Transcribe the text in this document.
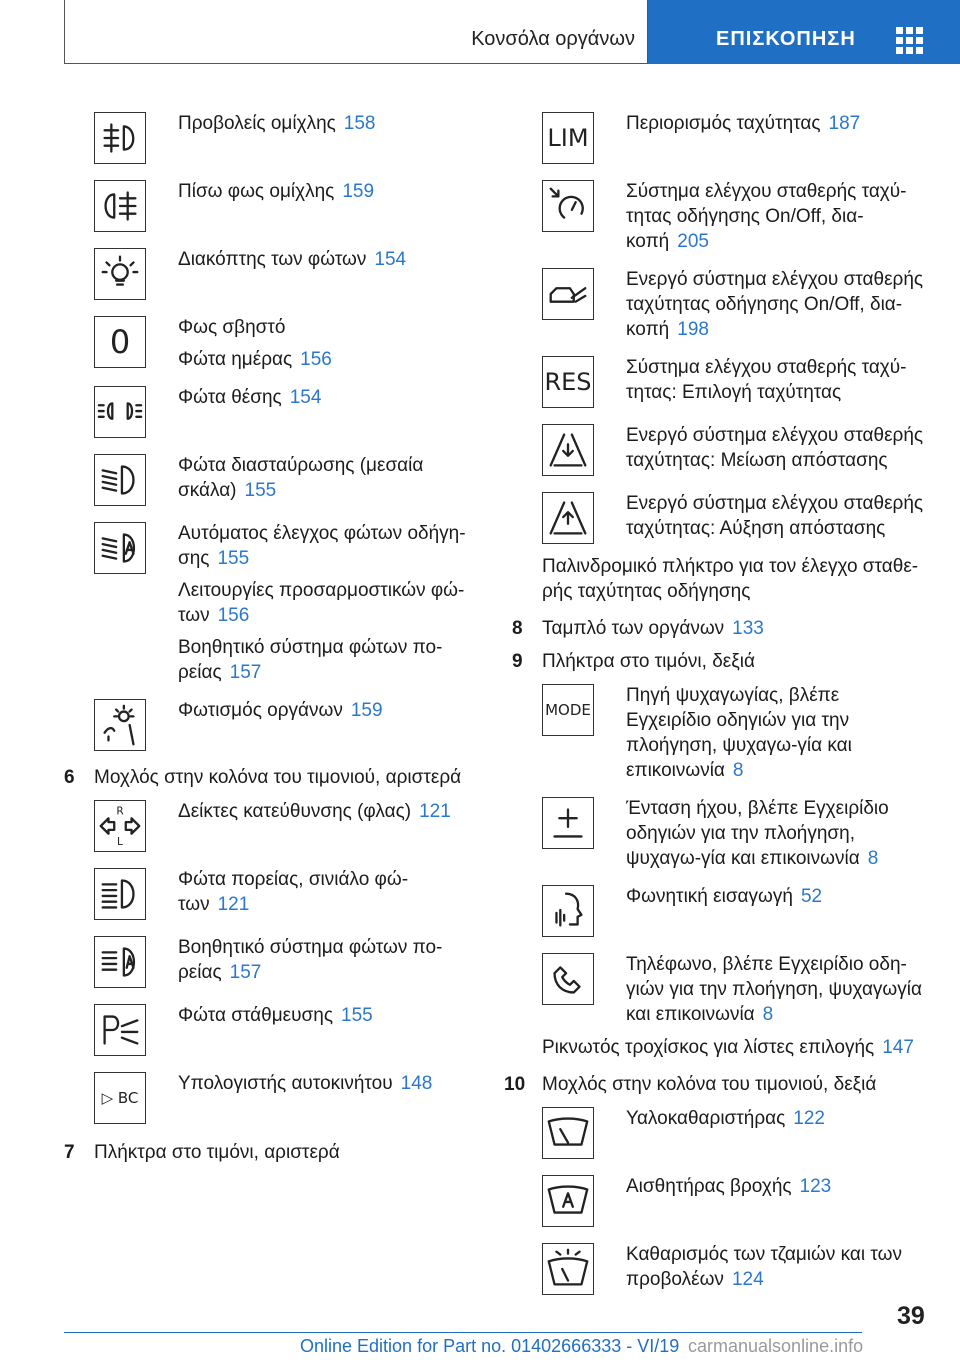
Κονσόλα οργάνων	ΕΠΙΣΚΟΠΗΣΗ

Προβολείς ομίχλης 158

Πίσω φως ομίχλης 159

Διακόπτης των φώτων 154

0	Φως σβηστό

Φώτα ημέρας 156

Φώτα θέσης 154

Φώτα διασταύρωσης (μεσαία σκάλα) 155

Αυτόματος έλεγχος φώτων οδήγη-σης 155

Λειτουργίες προσαρμοστικών φώ-των 156

Βοηθητικό σύστημα φώτων πο-ρείας 157

Φωτισμός οργάνων 159

6 Μοχλός στην κολόνα του τιμονιού, αριστερά
R
L

Δείκτες κατεύθυνσης (φλας) 121

Φώτα πορείας, σινιάλο φώ-των 121

Βοηθητικό σύστημα φώτων πο-ρείας 157

Φώτα στάθμευσης 155

▷ BC

Υπολογιστής αυτοκινήτου 148

7 Πλήκτρα στο τιμόνι, αριστερά
LIM

Περιορισμός ταχύτητας 187

Σύστημα ελέγχου σταθερής ταχύ-τητας οδήγησης On/Off, δια-κοπή 205

Ενεργό σύστημα ελέγχου σταθερής ταχύτητας οδήγησης On/Off, δια-κοπή 198

RES

Σύστημα ελέγχου σταθερής ταχύ-τητας: Επιλογή ταχύτητας

Ενεργό σύστημα ελέγχου σταθερής ταχύτητας: Μείωση απόστασης

Ενεργό σύστημα ελέγχου σταθερής ταχύτητας: Αύξηση απόστασης

Παλινδρομικό πλήκτρο για τον έλεγχο σταθε-ρής ταχύτητας οδήγησης
8 Ταμπλό των οργάνων 133
9 Πλήκτρα στο τιμόνι, δεξιά
MODE

Πηγή ψυχαγωγίας, βλέπε Εγχειρίδιο οδηγιών για την πλοήγηση, ψυχαγω-γία και επικοινωνία 8

Ένταση ήχου, βλέπε Εγχειρίδιο οδηγιών για την πλοήγηση, ψυχαγω-γία και επικοινωνία 8

Φωνητική εισαγωγή 52

Τηλέφωνο, βλέπε Εγχειρίδιο οδη-γιών για την πλοήγηση, ψυχαγωγία και επικοινωνία 8

Ρικνωτός τροχίσκος για λίστες επιλογής 147
10 Μοχλός στην κολόνα του τιμονιού, δεξιά

Υαλοκαθαριστήρας 122

Αισθητήρας βροχής 123

Καθαρισμός των τζαμιών και των προβολέων 124

39
Online Edition for Part no. 01402666333 - VI/19 carmanualsonline.info
